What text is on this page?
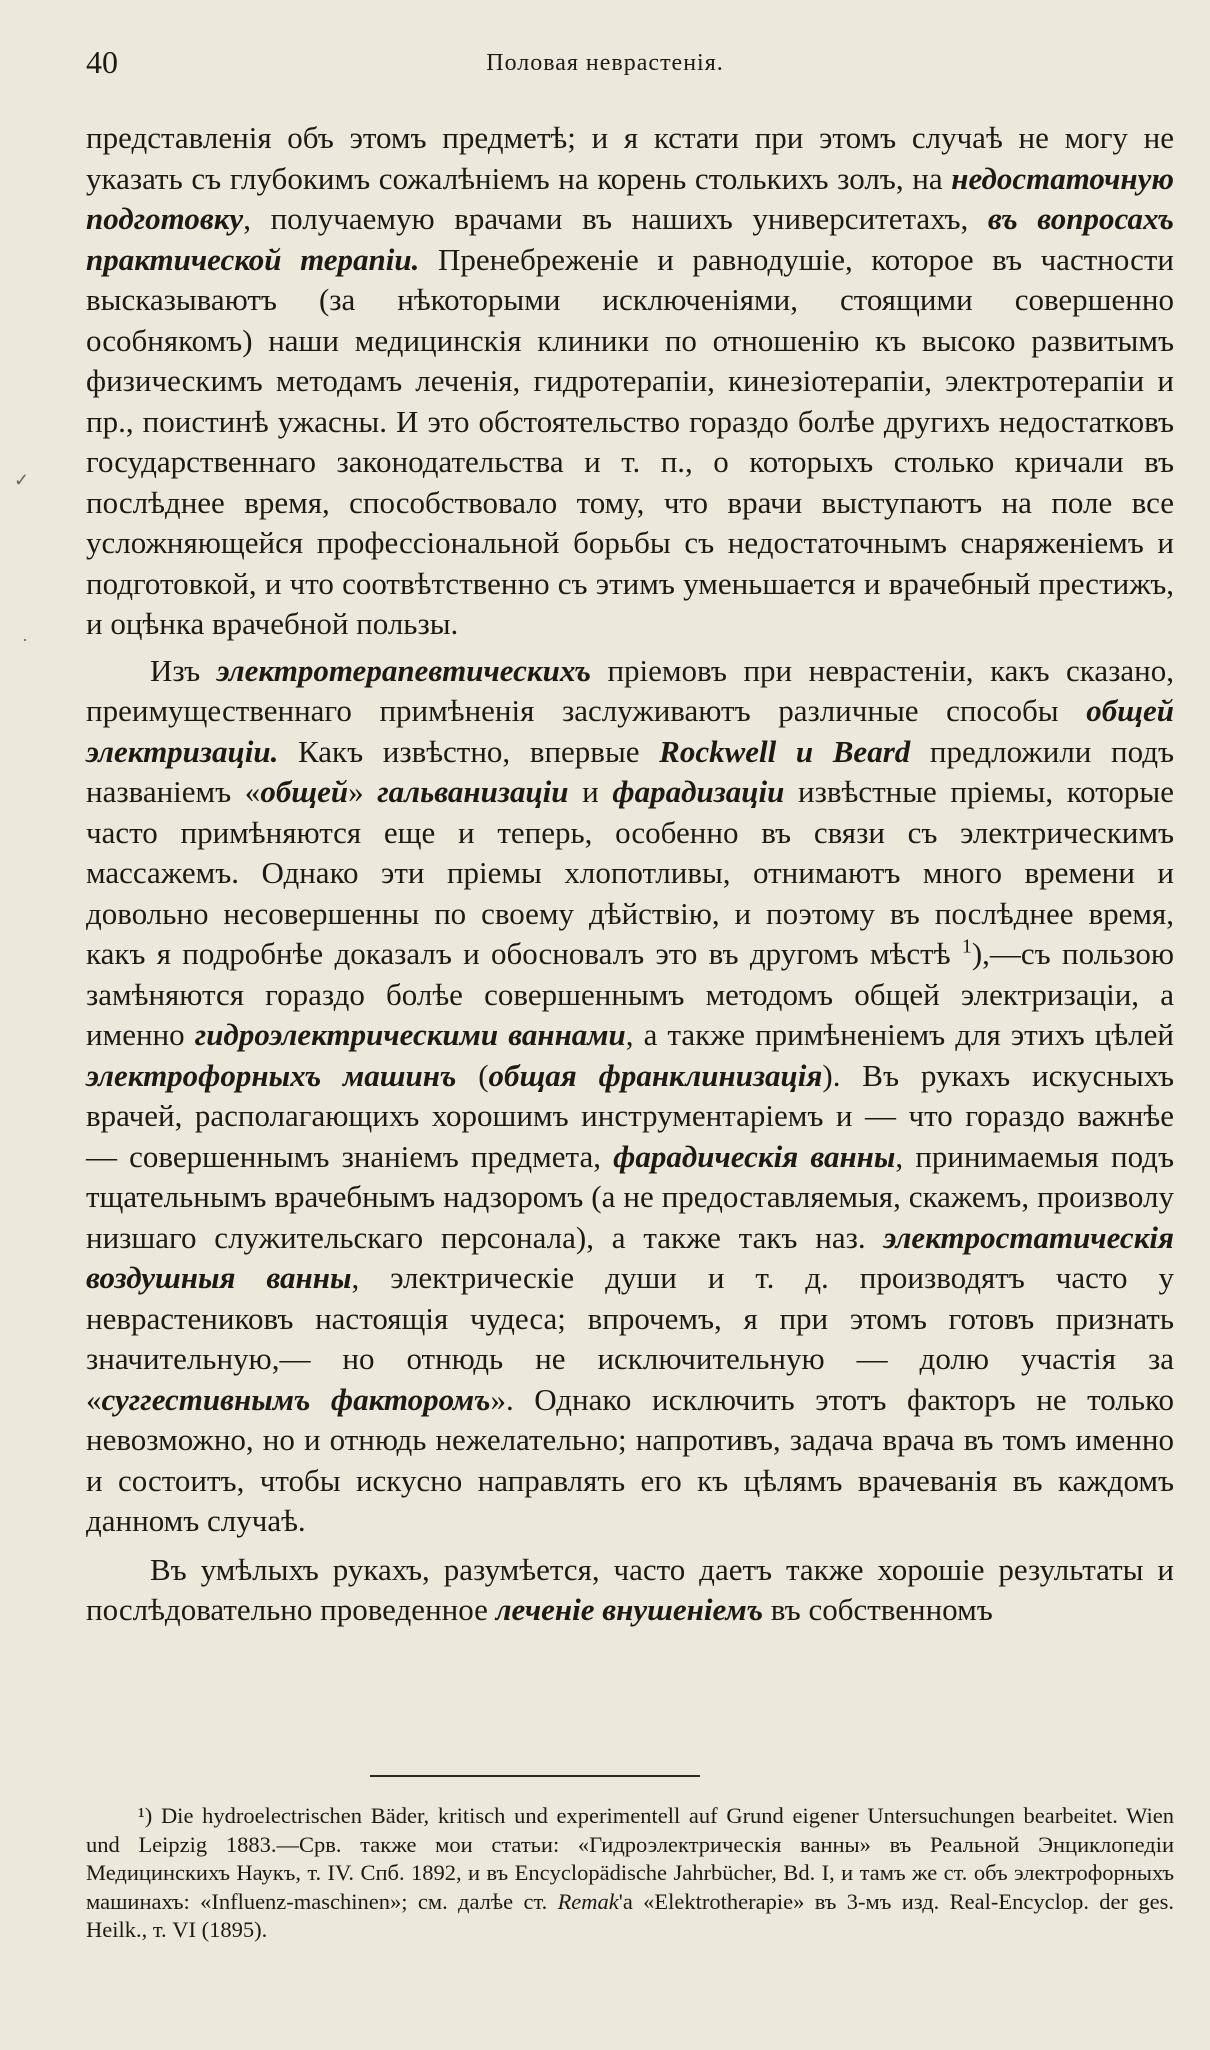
40	Половая неврастенія.
✓
·

представленія объ этомъ предметѣ; и я кстати при этомъ случаѣ не могу не указать съ глубокимъ сожалѣніемъ на корень столькихъ золъ, на недостаточную подготовку, получаемую врачами въ нашихъ университетахъ, въ вопросахъ практической терапіи. Пренебреженіе и равнодушіе, которое въ частности высказываютъ (за нѣкоторыми исключеніями, стоящими совершенно особнякомъ) наши медицинскія клиники по отношенію къ высоко развитымъ физическимъ методамъ леченія, гидротерапіи, кинезіотерапіи, электротерапіи и пр., поистинѣ ужасны. И это обстоятельство гораздо болѣе другихъ недостатковъ государственнаго законодательства и т. п., о которыхъ столько кричали въ послѣднее время, способствовало тому, что врачи выступаютъ на поле все усложняющейся профессіональной борьбы съ недостаточнымъ снаряженіемъ и подготовкой, и что соотвѣтственно съ этимъ уменьшается и врачебный престижъ, и оцѣнка врачебной пользы.

Изъ электротерапевтическихъ пріемовъ при неврастеніи, какъ сказано, преимущественнаго примѣненія заслуживаютъ различные способы общей электризаціи. Какъ извѣстно, впервые Rockwell и Beard предложили подъ названіемъ «общей» гальванизаціи и фарадизаціи извѣстные пріемы, которые часто примѣняются еще и теперь, особенно въ связи съ электрическимъ массажемъ. Однако эти пріемы хлопотливы, отнимаютъ много времени и довольно несовершенны по своему дѣйствію, и поэтому въ послѣднее время, какъ я подробнѣе доказалъ и обосновалъ это въ другомъ мѣстѣ $^1$),—съ пользою замѣняются гораздо болѣе совершеннымъ методомъ общей электризаціи, а именно гидроэлектрическими ваннами, а также примѣненіемъ для этихъ цѣлей электрофорныхъ машинъ (общая франклинизація). Въ рукахъ искусныхъ врачей, располагающихъ хорошимъ инструментаріемъ и — что гораздо важнѣе — совершеннымъ знаніемъ предмета, фарадическія ванны, принимаемыя подъ тщательнымъ врачебнымъ надзоромъ (а не предоставляемыя, скажемъ, произволу низшаго служительскаго персонала), а также такъ наз. электростатическія воздушныя ванны, электрическіе души и т. д. производятъ часто у неврастениковъ настоящія чудеса; впрочемъ, я при этомъ готовъ признать значительную,— но отнюдь не исключительную — долю участія за «суггестивнымъ факторомъ». Однако исключить этотъ факторъ не только невозможно, но и отнюдь нежелательно; напротивъ, задача врача въ томъ именно и состоитъ, чтобы искусно направлять его къ цѣлямъ врачеванія въ каждомъ данномъ случаѣ.

Въ умѣлыхъ рукахъ, разумѣется, часто даетъ также хорошіе результаты и послѣдовательно проведенное леченіе внушеніемъ въ собственномъ

¹) Die hydroelectrischen Bäder, kritisch und experimentell auf Grund eigener Untersuchungen bearbeitet. Wien und Leipzig 1883.—Срв. также мои статьи: «Гидроэлектрическія ванны» въ Реальной Энциклопедіи Медицинскихъ Наукъ, т. IV. Спб. 1892, и въ Encyclopädische Jahrbücher, Bd. I, и тамъ же ст. объ электрофорныхъ машинахъ: «Influenz-maschinen»; см. далѣе ст. Remak'a «Elektrotherapie» въ 3-мъ изд. Real-Encyclop. der ges. Heilk., т. VI (1895).
